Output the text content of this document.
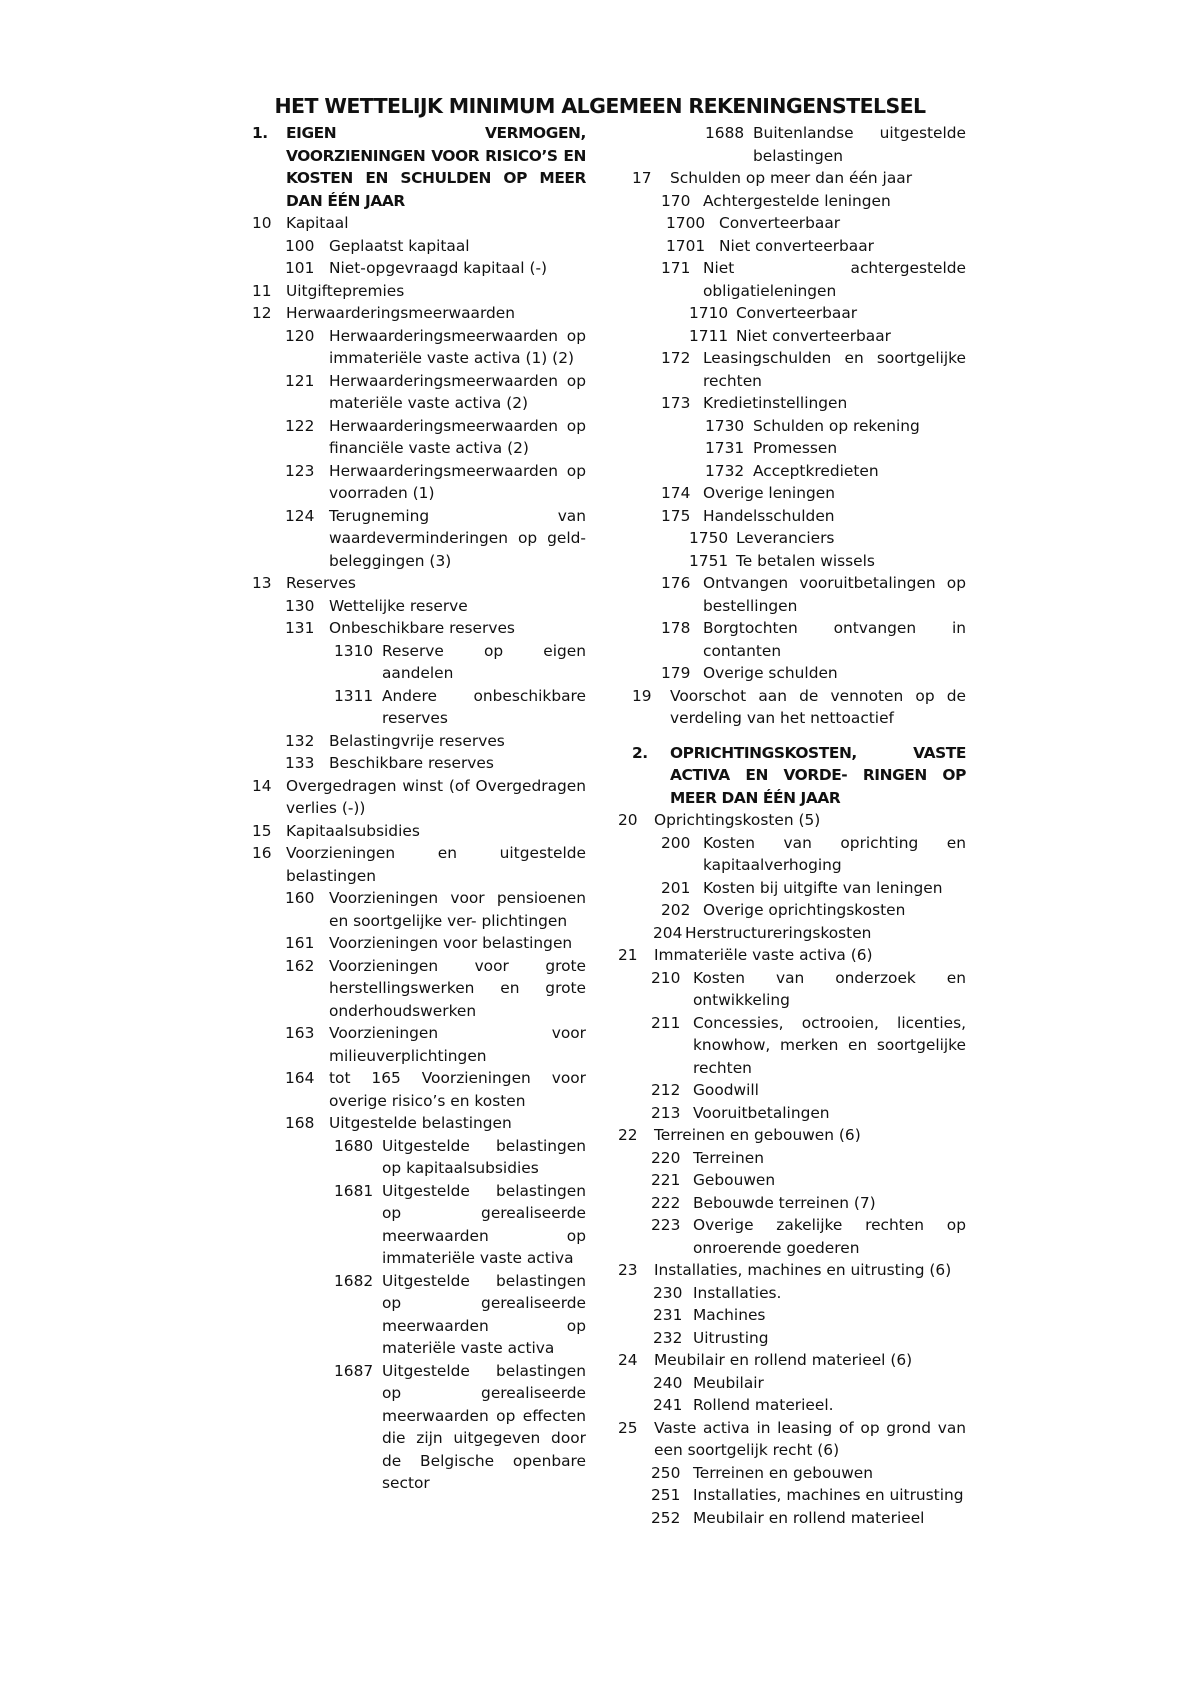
HET WETTELIJK MINIMUM ALGEMEEN REKENINGENSTELSEL
1. EIGEN VERMOGEN, VOORZIENINGEN VOOR RISICO’S EN KOSTEN EN SCHULDEN OP MEER DAN ÉÉN JAAR
10 Kapitaal
100 Geplaatst kapitaal
101 Niet-opgevraagd kapitaal (-)
11 Uitgiftepremies
12 Herwaarderingsmeerwaarden
120 Herwaarderingsmeerwaarden op immateriële vaste activa (1) (2)
121 Herwaarderingsmeerwaarden op materiële vaste activa (2)
122 Herwaarderingsmeerwaarden op financiële vaste activa (2)
123 Herwaarderingsmeerwaarden op voorraden (1)
124 Terugneming van waardeverminderingen op geld- beleggingen (3)
13 Reserves
130 Wettelijke reserve
131 Onbeschikbare reserves
1310 Reserve op eigen aandelen
1311 Andere onbeschikbare reserves
132 Belastingvrije reserves
133 Beschikbare reserves
14 Overgedragen winst (of Overgedragen verlies (-))
15 Kapitaalsubsidies
16 Voorzieningen en uitgestelde belastingen
160 Voorzieningen voor pensioenen en soortgelijke ver- plichtingen
161 Voorzieningen voor belastingen
162 Voorzieningen voor grote herstellingswerken en grote onderhoudswerken
163 Voorzieningen voor milieuverplichtingen
164 tot 165 Voorzieningen voor overige risico’s en kosten
168 Uitgestelde belastingen
1680 Uitgestelde belastingen op kapitaalsubsidies
1681 Uitgestelde belastingen op gerealiseerde meerwaarden op immateriële vaste activa
1682 Uitgestelde belastingen op gerealiseerde meerwaarden op materiële vaste activa
1687 Uitgestelde belastingen op gerealiseerde meerwaarden op effecten die zijn uitgegeven door de Belgische openbare sector
1688 Buitenlandse uitgestelde belastingen
17 Schulden op meer dan één jaar
170 Achtergestelde leningen
1700 Converteerbaar
1701 Niet converteerbaar
171 Niet achtergestelde obligatieleningen
1710 Converteerbaar
1711 Niet converteerbaar
172 Leasingschulden en soortgelijke rechten
173 Kredietinstellingen
1730 Schulden op rekening
1731 Promessen
1732 Acceptkredieten
174 Overige leningen
175 Handelsschulden
1750 Leveranciers
1751 Te betalen wissels
176 Ontvangen vooruitbetalingen op bestellingen
178 Borgtochten ontvangen in contanten
179 Overige schulden
19 Voorschot aan de vennoten op de verdeling van het nettoactief
2. OPRICHTINGSKOSTEN, VASTE ACTIVA EN VORDE- RINGEN OP MEER DAN ÉÉN JAAR
20 Oprichtingskosten (5)
200 Kosten van oprichting en kapitaalverhoging
201 Kosten bij uitgifte van leningen
202 Overige oprichtingskosten
204 Herstructureringskosten
21 Immateriële vaste activa (6)
210 Kosten van onderzoek en ontwikkeling
211 Concessies, octrooien, licenties, knowhow, merken en soortgelijke rechten
212 Goodwill
213 Vooruitbetalingen
22 Terreinen en gebouwen (6)
220 Terreinen
221 Gebouwen
222 Bebouwde terreinen (7)
223 Overige zakelijke rechten op onroerende goederen
23 Installaties, machines en uitrusting (6)
230 Installaties.
231 Machines
232 Uitrusting
24 Meubilair en rollend materieel (6)
240 Meubilair
241 Rollend materieel.
25 Vaste activa in leasing of op grond van een soortgelijk recht (6)
250 Terreinen en gebouwen
251 Installaties, machines en uitrusting
252 Meubilair en rollend materieel
